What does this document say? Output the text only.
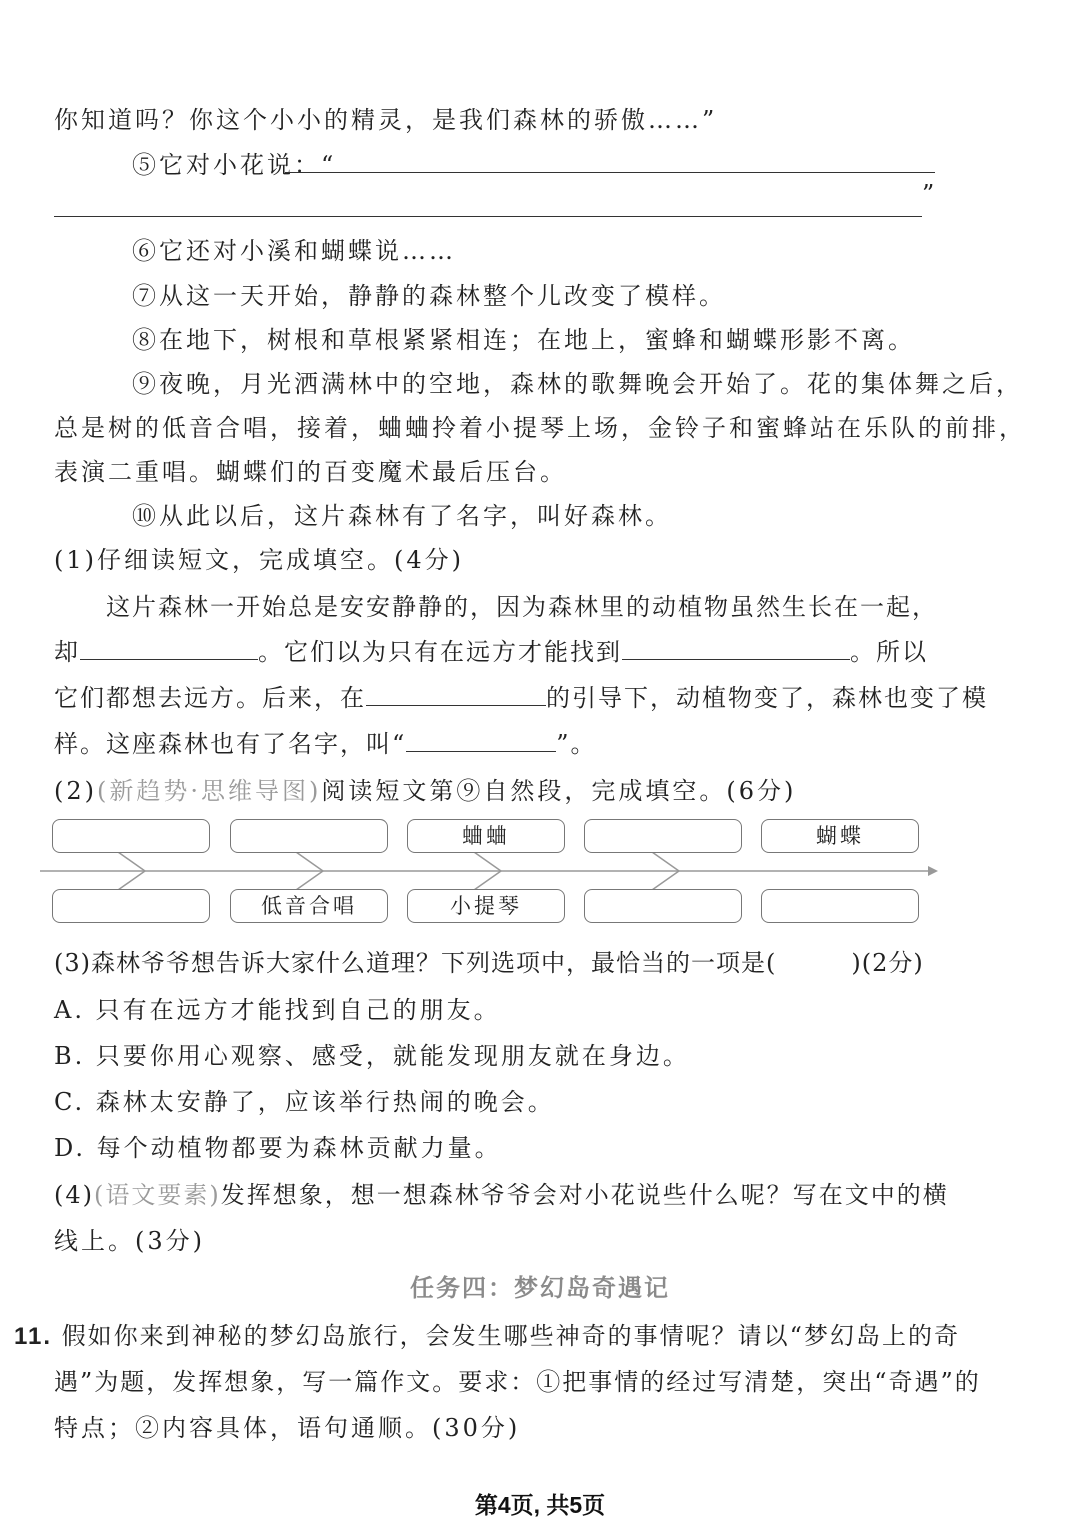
你知道吗？你这个小小的精灵，是我们森林的骄傲……”
⑤它对小花说：“
”
⑥它还对小溪和蝴蝶说……
⑦从这一天开始，静静的森林整个儿改变了模样。
⑧在地下，树根和草根紧紧相连；在地上，蜜蜂和蝴蝶形影不离。
⑨夜晚，月光洒满林中的空地，森林的歌舞晚会开始了。花的集体舞之后，
总是树的低音合唱，接着，蛐蛐拎着小提琴上场，金铃子和蜜蜂站在乐队的前排，
表演二重唱。蝴蝶们的百变魔术最后压台。
⑩从此以后，这片森林有了名字，叫好森林。
(1)仔细读短文，完成填空。(4分)
这片森林一开始总是安安静静的，因为森林里的动植物虽然生长在一起，
却	。它们以为只有在远方才能找到	。所以
它们都想去远方。后来，在	的引导下，动植物变了，森林也变了模
样。这座森林也有了名字，叫“	”。
(2)(新趋势·思维导图)阅读短文第⑨自然段，完成填空。(6分)
蛐蛐	蝴蝶
低音合唱	小提琴
(3)森林爷爷想告诉大家什么道理？下列选项中，最恰当的一项是(　　　)(2分)
A. 只有在远方才能找到自己的朋友。
B. 只要你用心观察、感受，就能发现朋友就在身边。
C. 森林太安静了，应该举行热闹的晚会。
D. 每个动植物都要为森林贡献力量。
(4)(语文要素)发挥想象，想一想森林爷爷会对小花说些什么呢？写在文中的横
线上。(3分)
任务四：梦幻岛奇遇记
11. 假如你来到神秘的梦幻岛旅行，会发生哪些神奇的事情呢？请以“梦幻岛上的奇
遇”为题，发挥想象，写一篇作文。要求：①把事情的经过写清楚，突出“奇遇”的
特点；②内容具体，语句通顺。(30分)
第4页, 共5页
